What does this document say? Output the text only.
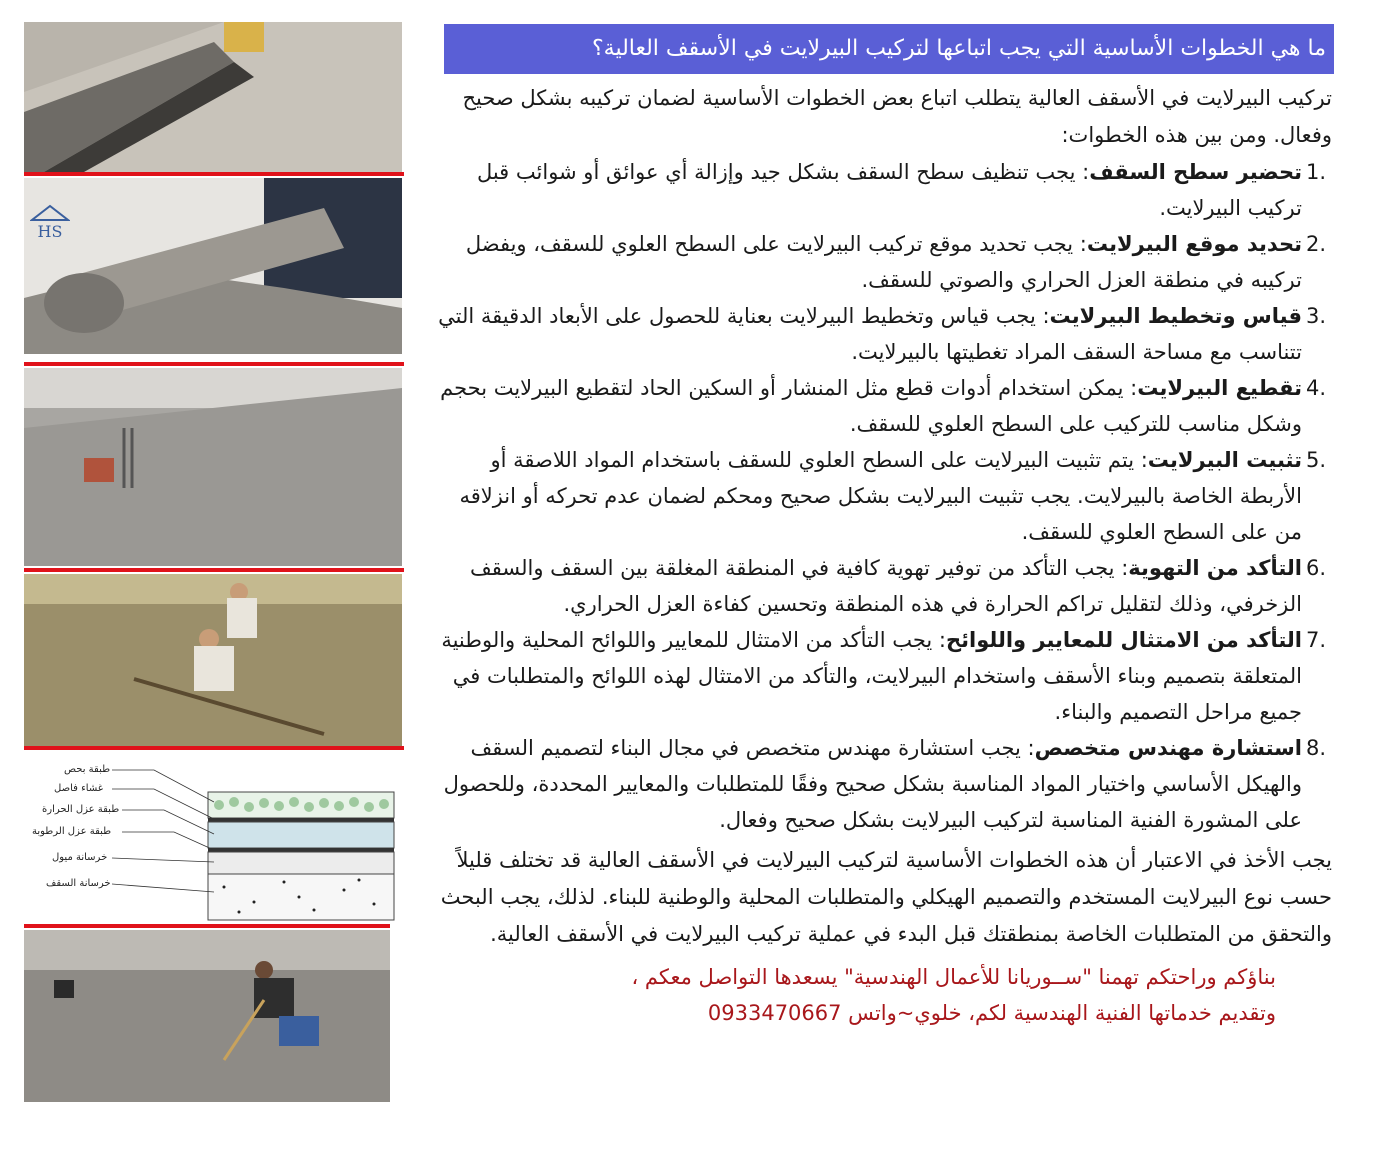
HS
طبقة بحص
غشاء فاصل
طبقة عزل الحرارة
طبقة عزل الرطوبة
خرسانة ميول
خرسانة السقف
ما هي الخطوات الأساسية التي يجب اتباعها لتركيب البيرلايت في الأسقف العالية؟

تركيب البيرلايت في الأسقف العالية يتطلب اتباع بعض الخطوات الأساسية لضمان تركيبه بشكل صحيح وفعال. ومن بين هذه الخطوات:

1.
تحضير سطح السقف: يجب تنظيف سطح السقف بشكل جيد وإزالة أي عوائق أو شوائب قبل تركيب البيرلايت.
2.
تحديد موقع البيرلايت: يجب تحديد موقع تركيب البيرلايت على السطح العلوي للسقف، ويفضل تركيبه في منطقة العزل الحراري والصوتي للسقف.
3.
قياس وتخطيط البيرلايت: يجب قياس وتخطيط البيرلايت بعناية للحصول على الأبعاد الدقيقة التي تتناسب مع مساحة السقف المراد تغطيتها بالبيرلايت.
4.
تقطيع البيرلايت: يمكن استخدام أدوات قطع مثل المنشار أو السكين الحاد لتقطيع البيرلايت بحجم وشكل مناسب للتركيب على السطح العلوي للسقف.
5.
تثبيت البيرلايت: يتم تثبيت البيرلايت على السطح العلوي للسقف باستخدام المواد اللاصقة أو الأربطة الخاصة بالبيرلايت. يجب تثبيت البيرلايت بشكل صحيح ومحكم لضمان عدم تحركه أو انزلاقه من على السطح العلوي للسقف.
6.
التأكد من التهوية: يجب التأكد من توفير تهوية كافية في المنطقة المغلقة بين السقف والسقف الزخرفي، وذلك لتقليل تراكم الحرارة في هذه المنطقة وتحسين كفاءة العزل الحراري.
7.
التأكد من الامتثال للمعايير واللوائح: يجب التأكد من الامتثال للمعايير واللوائح المحلية والوطنية المتعلقة بتصميم وبناء الأسقف واستخدام البيرلايت، والتأكد من الامتثال لهذه اللوائح والمتطلبات في جميع مراحل التصميم والبناء.
8.
استشارة مهندس متخصص: يجب استشارة مهندس متخصص في مجال البناء لتصميم السقف والهيكل الأساسي واختيار المواد المناسبة بشكل صحيح وفقًا للمتطلبات والمعايير المحددة، وللحصول على المشورة الفنية المناسبة لتركيب البيرلايت بشكل صحيح وفعال.

يجب الأخذ في الاعتبار أن هذه الخطوات الأساسية لتركيب البيرلايت في الأسقف العالية قد تختلف قليلاً حسب نوع البيرلايت المستخدم والتصميم الهيكلي والمتطلبات المحلية والوطنية للبناء. لذلك، يجب البحث والتحقق من المتطلبات الخاصة بمنطقتك قبل البدء في عملية تركيب البيرلايت في الأسقف العالية.

بناؤكم وراحتكم تهمنا "ســوريانا للأعمال الهندسية" يسعدها التواصل معكم ،
وتقديم خدماتها الفنية الهندسية لكم، خلوي~واتس 0933470667
